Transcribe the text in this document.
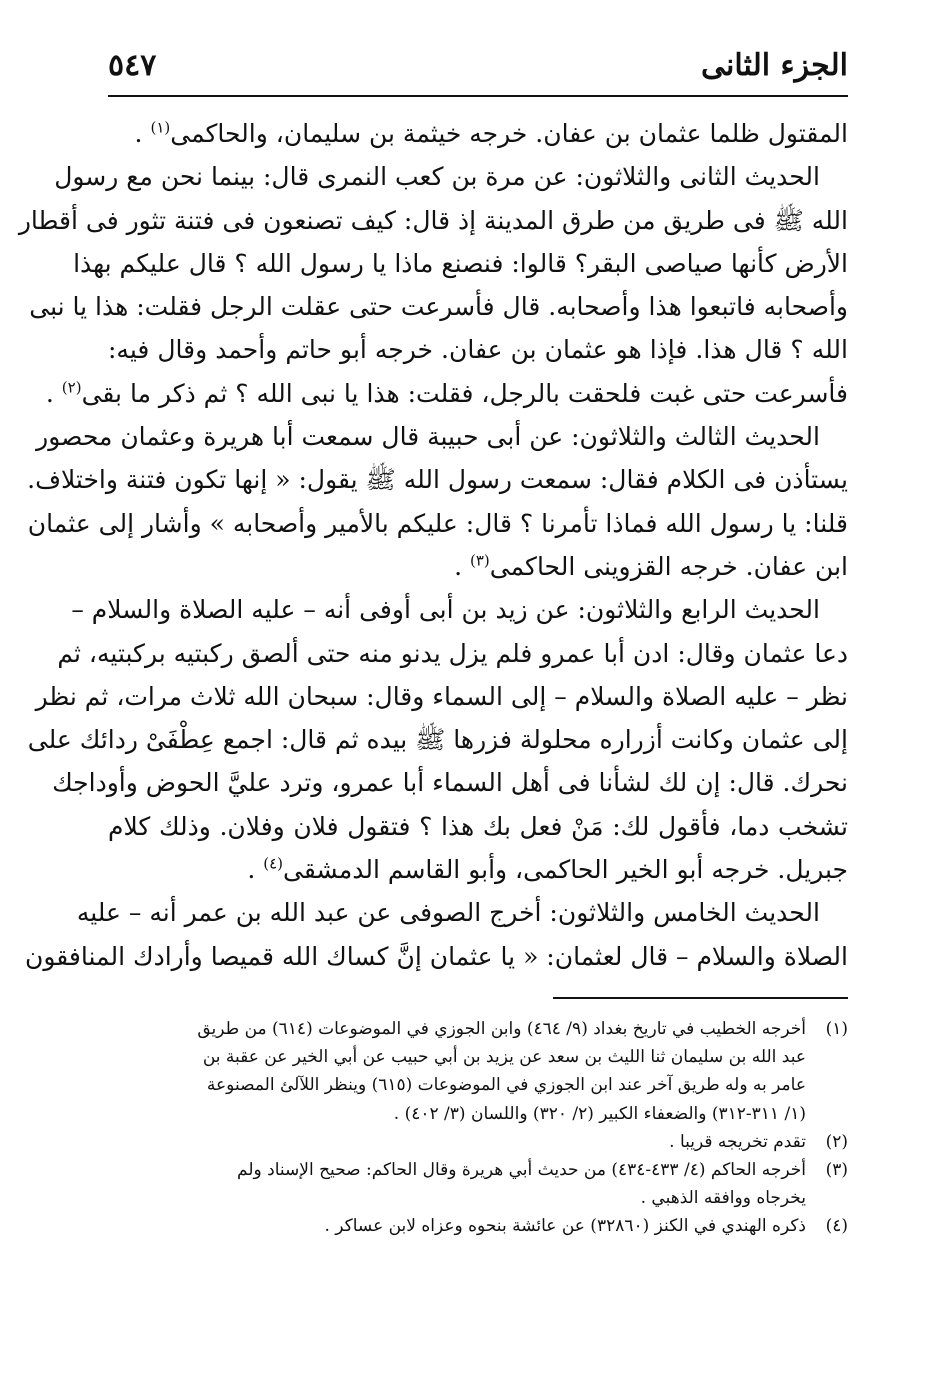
٥٤٧	الجزء الثانى
المقتول ظلما عثمان بن عفان. خرجه خيثمة بن سليمان، والحاكمى$^{(١)}$ .
الحديث الثانى والثلاثون: عن مرة بن كعب النمرى قال: بينما نحن مع رسول
الله ﷺ فى طريق من طرق المدينة إذ قال: كيف تصنعون فى فتنة تثور فى أقطار
الأرض كأنها صياصى البقر؟ قالوا: فنصنع ماذا يا رسول الله ؟ قال عليكم بهذا
وأصحابه فاتبعوا هذا وأصحابه. قال فأسرعت حتى عقلت الرجل فقلت: هذا يا نبى
الله ؟ قال هذا. فإذا هو عثمان بن عفان. خرجه أبو حاتم وأحمد وقال فيه:
فأسرعت حتى غبت فلحقت بالرجل، فقلت: هذا يا نبى الله ؟ ثم ذكر ما بقى$^{(٢)}$ .
الحديث الثالث والثلاثون: عن أبى حبيبة قال سمعت أبا هريرة وعثمان محصور
يستأذن فى الكلام فقال: سمعت رسول الله ﷺ يقول: « إنها تكون فتنة واختلاف.
قلنا: يا رسول الله فماذا تأمرنا ؟ قال: عليكم بالأمير وأصحابه » وأشار إلى عثمان
ابن عفان. خرجه القزوينى الحاكمى$^{(٣)}$ .
الحديث الرابع والثلاثون: عن زيد بن أبى أوفى أنه – عليه الصلاة والسلام –
دعا عثمان وقال: ادن أبا عمرو فلم يزل يدنو منه حتى ألصق ركبتيه بركبتيه، ثم
نظر – عليه الصلاة والسلام – إلى السماء وقال: سبحان الله ثلاث مرات، ثم نظر
إلى عثمان وكانت أزراره محلولة فزرها ﷺ بيده ثم قال: اجمع عِطْفَىْ ردائك على
نحرك. قال: إن لك لشأنا فى أهل السماء أبا عمرو، وترد عليَّ الحوض وأوداجك
تشخب دما، فأقول لك: مَنْ فعل بك هذا ؟ فتقول فلان وفلان. وذلك كلام
جبريل. خرجه أبو الخير الحاكمى، وأبو القاسم الدمشقى$^{(٤)}$ .
الحديث الخامس والثلاثون: أخرج الصوفى عن عبد الله بن عمر أنه – عليه
الصلاة والسلام – قال لعثمان: « يا عثمان إنَّ كساك الله قميصا وأرادك المنافقون
(١)
أخرجه الخطيب في تاريخ بغداد (٩/ ٤٦٤) وابن الجوزي في الموضوعات (٦١٤) من طريق
عبد الله بن سليمان ثنا الليث بن سعد عن يزيد بن أبي حبيب عن أبي الخير عن عقبة بن
عامر به وله طريق آخر عند ابن الجوزي في الموضوعات (٦١٥) وينظر اللآلئ المصنوعة
(١/ ٣١١-٣١٢) والضعفاء الكبير (٢/ ٣٢٠) واللسان (٣/ ٤٠٢) .
(٢)
تقدم تخريجه قريبا .
(٣)
أخرجه الحاكم (٤/ ٤٣٣-٤٣٤) من حديث أبي هريرة وقال الحاكم: صحيح الإسناد ولم
يخرجاه ووافقه الذهبي .
(٤)
ذكره الهندي في الكنز (٣٢٨٦٠) عن عائشة بنحوه وعزاه لابن عساكر .
